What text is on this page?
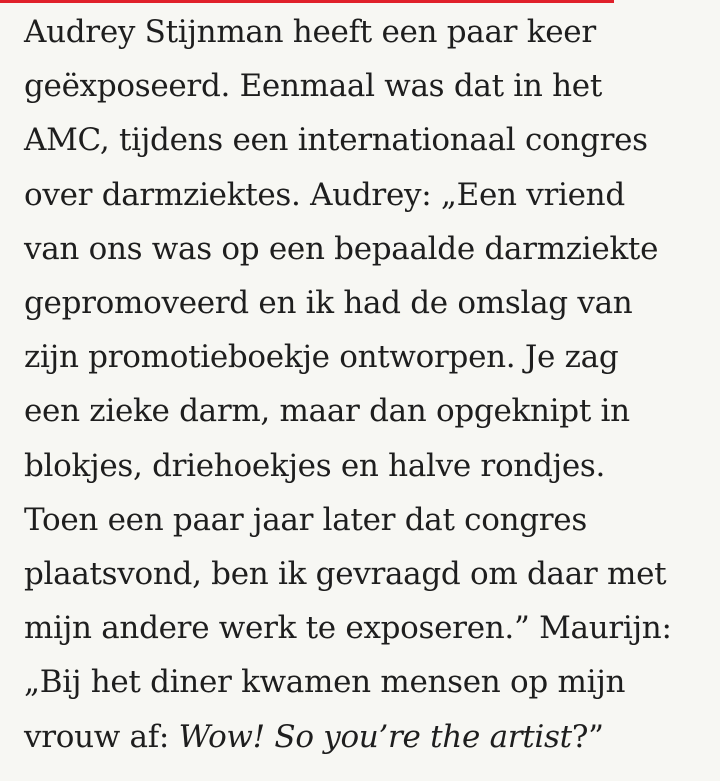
Audrey Stijnman heeft een paar keer
geëxposeerd. Eenmaal was dat in het
AMC, tijdens een internationaal congres
over darmziektes. Audrey: „Een vriend
van ons was op een bepaalde darmziekte
gepromoveerd en ik had de omslag van
zijn promotieboekje ontworpen. Je zag
een zieke darm, maar dan opgeknipt in
blokjes, driehoekjes en halve rondjes.
Toen een paar jaar later dat congres
plaatsvond, ben ik gevraagd om daar met
mijn andere werk te exposeren.” Maurijn:
„Bij het diner kwamen mensen op mijn
vrouw af: Wow! So you’re the artist?”
